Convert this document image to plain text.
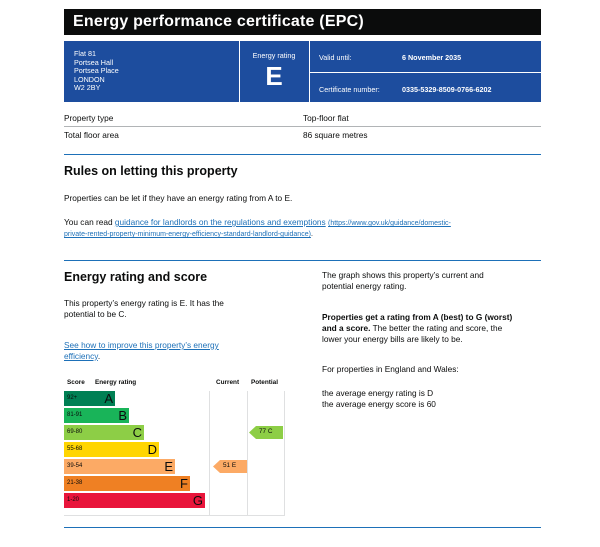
Energy performance certificate (EPC)
Flat 81
Portsea Hall
Portsea Place
LONDON
W2 2BY
Energy rating
E
Valid until:	6 November 2035
Certificate number:	0335-5329-8509-0766-6202
Property type	Top-floor flat
Total floor area	86 square metres
Rules on letting this property
Properties can be let if they have an energy rating from A to E.
You can read guidance for landlords on the regulations and exemptions (https://www.gov.uk/guidance/domestic-
private-rented-property-minimum-energy-efficiency-standard-landlord-guidance).
Energy rating and score
This property’s energy rating is E. It has the
potential to be C.
See how to improve this property’s energy
efficiency.
The graph shows this property’s current and
potential energy rating.
Properties get a rating from A (best) to G (worst)
and a score. The better the rating and score, the
lower your energy bills are likely to be.
For properties in England and Wales:
the average energy rating is D
the average energy score is 60
Score Energy rating	Current Potential
92+ A
81-91	B
69-80	C
55-68	D
39-54	E
21-38	F
1-20	G
51 E
77 C
